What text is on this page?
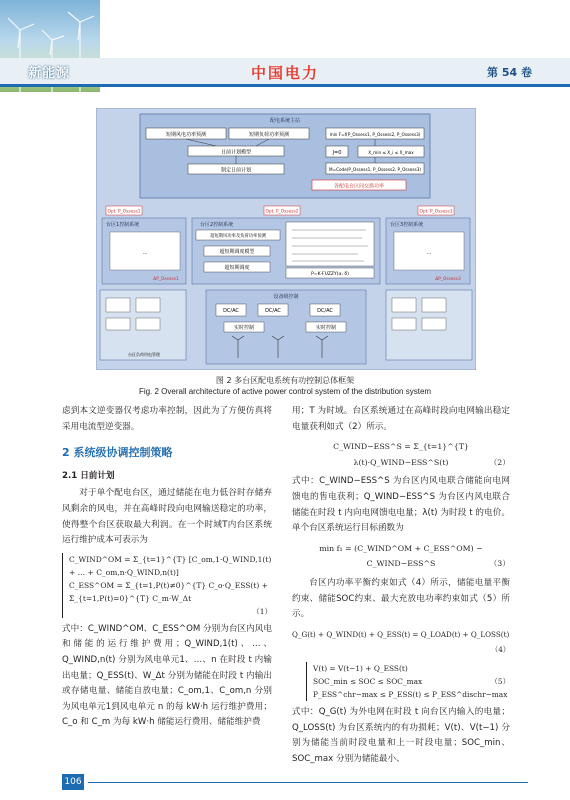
新能源	中国电力	第 54 卷
配电系统主站
短期风电功率预测	短期负荷功率预测	min F=f(P_Ossess1, P_Ossess2, P_Ossess3)
日前计划模型	J=0	X_min ≤ X_i ≤ X_max
制定日前计划	M=Code(P_Ossess1, P_Ossess2, P_Ossess3)
各配电台区间交换功率
Opt. P_Ossess1	Opt. P_Ossess2	Opt. P_Ossess3
台区1控制系统
…
ΔP_Ossess1
台区2控制系统
超短期风功率及负荷功率预测
超短期调度模型
超短期调度
P=K·FUZZY(α, δ)
台区3控制系统
…
ΔP_Ossess3
设备级控制
DC/AC	DC/AC	DC/AC
实时控制	实时控制
台区负荷用电管理
图 2 多台区配电系统有功控制总体框架
Fig. 2 Overall architecture of active power control system of the distribution system

虑到本文逆变器仅考虑功率控制，因此为了方便仿真将采用电流型逆变器。

2 系统级协调控制策略
2.1 日前计划

对于单个配电台区，通过储能在电力低谷时存储弃风剩余的风电，并在高峰时段向电网输送稳定的功率，使得整个台区获取最大利润。在一个时域T内台区系统运行维护成本可表示为

C_WIND^OM = Σ_{t=1}^{T} [C_om,1·Q_WIND,1(t) + … + C_om,n·Q_WIND,n(t)]
C_ESS^OM = Σ_{t=1,P(t)≠0}^{T} C_o·Q_ESS(t) + Σ_{t=1,P(t)=0}^{T} C_m·W_Δt
（1）

式中：C_WIND^OM、C_ESS^OM 分别为台区内风电和储能的运行维护费用；Q_WIND,1(t)、…、Q_WIND,n(t) 分别为风电单元1、…、n 在时段 t 内输出电量；Q_ESS(t)、W_Δt 分别为储能在时段 t 内输出或存储电量、储能自放电量；C_om,1、C_om,n 分别为风电单元1到风电单元 n 的每 kW·h 运行维护费用；C_o 和 C_m 为每 kW·h 储能运行费用、储能维护费

用；T 为时域。台区系统通过在高峰时段向电网输出稳定电量获利如式（2）所示。

C_WIND−ESS^S = Σ_{t=1}^{T} λ(t)·Q_WIND−ESS^S(t)	（2）

式中：C_WIND−ESS^S 为台区内风电联合储能向电网馈电的售电获利；Q_WIND−ESS^S 为台区内风电联合储能在时段 t 内向电网馈电电量；λ(t) 为时段 t 的电价。单个台区系统运行目标函数为

min f₁ = (C_WIND^OM + C_ESS^OM) − C_WIND−ESS^S	（3）

台区内功率平衡约束如式（4）所示，储能电量平衡约束、储能SOC约束、最大充放电功率约束如式（5）所示。

Q_G(t) + Q_WIND(t) + Q_ESS(t) = Q_LOAD(t) + Q_LOSS(t)
（4）
V(t) = V(t−1) + Q_ESS(t)
SOC_min ≤ SOC ≤ SOC_max
P_ESS^chr−max ≤ P_ESS(t) ≤ P_ESS^dischr−max
（5）

式中：Q_G(t) 为外电网在时段 t 向台区内输入的电量；Q_LOSS(t) 为台区系统内的有功损耗；V(t)、V(t−1) 分别为储能当前时段电量和上一时段电量；SOC_min、SOC_max 分别为储能最小、

106
